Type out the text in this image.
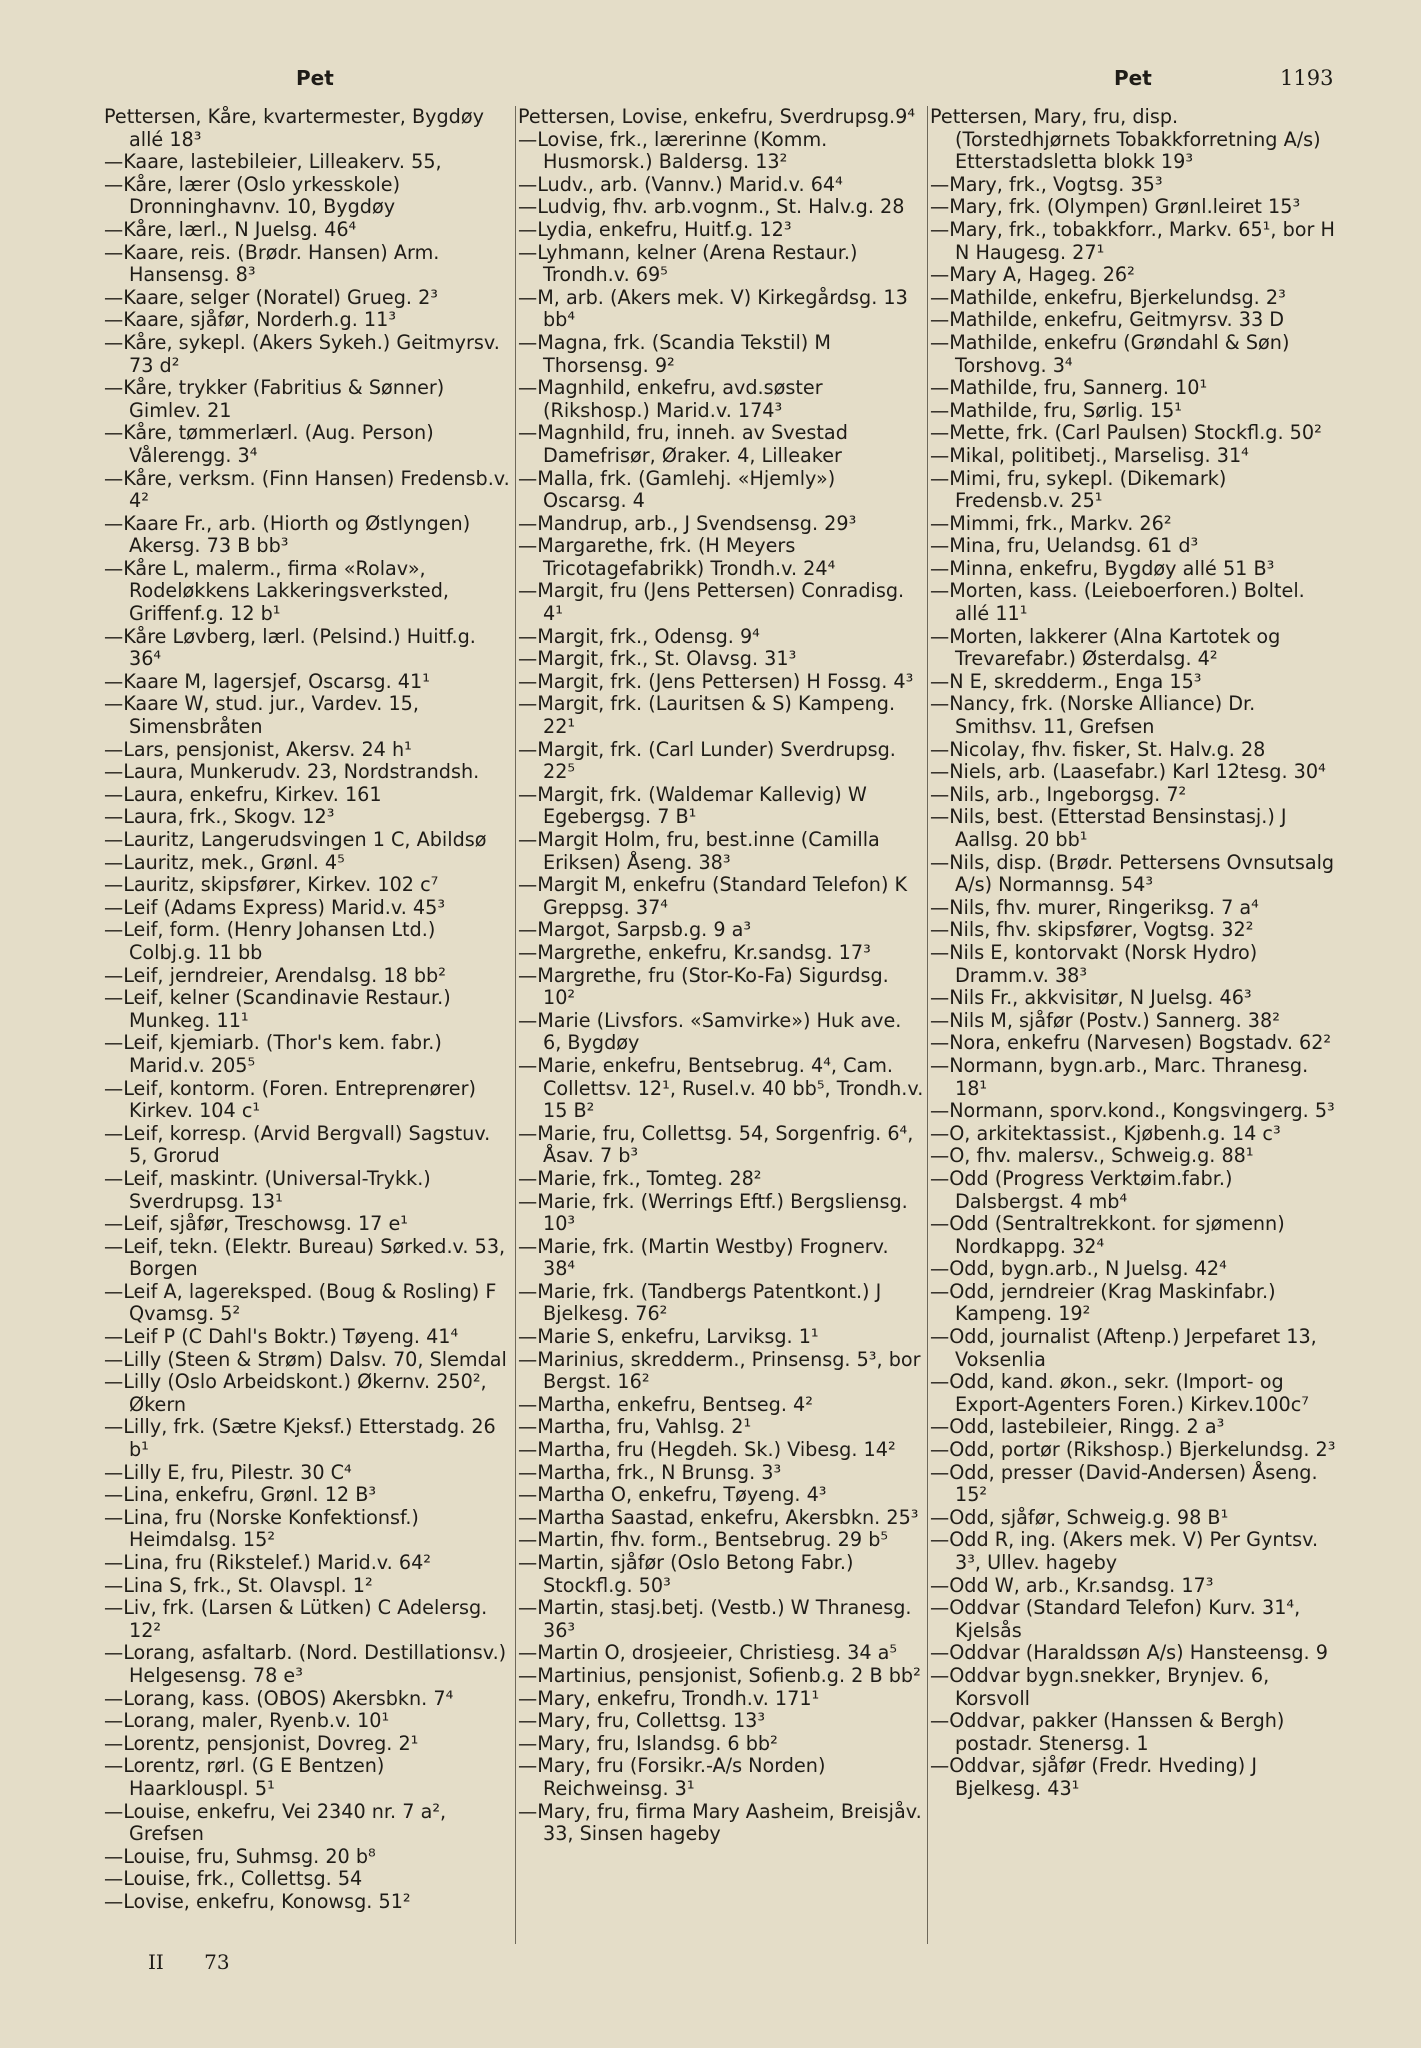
Pet	Pet	1193

Pettersen, Kåre, kvartermester, Bygdøy allé 18³

—Kaare, lastebileier, Lilleakerv. 55,

—Kåre, lærer (Oslo yrkesskole) Dronninghavnv. 10, Bygdøy

—Kåre, lærl., N Juelsg. 46⁴

—Kaare, reis. (Brødr. Hansen) Arm. Hansensg. 8³

—Kaare, selger (Noratel) Grueg. 2³

—Kaare, sjåfør, Norderh.g. 11³

—Kåre, sykepl. (Akers Sykeh.) Geitmyrsv. 73 d²

—Kåre, trykker (Fabritius & Sønner) Gimlev. 21

—Kåre, tømmerlærl. (Aug. Person) Vålerengg. 3⁴

—Kåre, verksm. (Finn Hansen) Fredensb.v. 4²

—Kaare Fr., arb. (Hiorth og Østlyngen) Akersg. 73 B bb³

—Kåre L, malerm., firma «Rolav», Rodeløkkens Lakkeringsverksted, Griffenf.g. 12 b¹

—Kåre Løvberg, lærl. (Pelsind.) Huitf.g. 36⁴

—Kaare M, lagersjef, Oscarsg. 41¹

—Kaare W, stud. jur., Vardev. 15, Simensbråten

—Lars, pensjonist, Akersv. 24 h¹

—Laura, Munkerudv. 23, Nordstrandsh.

—Laura, enkefru, Kirkev. 161

—Laura, frk., Skogv. 12³

—Lauritz, Langerudsvingen 1 C, Abildsø

—Lauritz, mek., Grønl. 4⁵

—Lauritz, skipsfører, Kirkev. 102 c⁷

—Leif (Adams Express) Marid.v. 45³

—Leif, form. (Henry Johansen Ltd.) Colbj.g. 11 bb

—Leif, jerndreier, Arendalsg. 18 bb²

—Leif, kelner (Scandinavie Restaur.) Munkeg. 11¹

—Leif, kjemiarb. (Thor's kem. fabr.) Marid.v. 205⁵

—Leif, kontorm. (Foren. Entreprenører) Kirkev. 104 c¹

—Leif, korresp. (Arvid Bergvall) Sagstuv. 5, Grorud

—Leif, maskintr. (Universal-Trykk.) Sverdrupsg. 13¹

—Leif, sjåfør, Treschowsg. 17 e¹

—Leif, tekn. (Elektr. Bureau) Sørked.v. 53, Borgen

—Leif A, lagereksped. (Boug & Rosling) F Qvamsg. 5²

—Leif P (C Dahl's Boktr.) Tøyeng. 41⁴

—Lilly (Steen & Strøm) Dalsv. 70, Slemdal

—Lilly (Oslo Arbeidskont.) Økernv. 250², Økern

—Lilly, frk. (Sætre Kjeksf.) Etterstadg. 26 b¹

—Lilly E, fru, Pilestr. 30 C⁴

—Lina, enkefru, Grønl. 12 B³

—Lina, fru (Norske Konfektionsf.) Heimdalsg. 15²

—Lina, fru (Rikstelef.) Marid.v. 64²

—Lina S, frk., St. Olavspl. 1²

—Liv, frk. (Larsen & Lütken) C Adelersg. 12²

—Lorang, asfaltarb. (Nord. Destillationsv.) Helgesensg. 78 e³

—Lorang, kass. (OBOS) Akersbkn. 7⁴

—Lorang, maler, Ryenb.v. 10¹

—Lorentz, pensjonist, Dovreg. 2¹

—Lorentz, rørl. (G E Bentzen) Haarklouspl. 5¹

—Louise, enkefru, Vei 2340 nr. 7 a², Grefsen

—Louise, fru, Suhmsg. 20 b⁸

—Louise, frk., Collettsg. 54

—Lovise, enkefru, Konowsg. 51²

Pettersen, Lovise, enkefru, Sverdrupsg.9⁴

—Lovise, frk., lærerinne (Komm. Husmorsk.) Baldersg. 13²

—Ludv., arb. (Vannv.) Marid.v. 64⁴

—Ludvig, fhv. arb.vognm., St. Halv.g. 28

—Lydia, enkefru, Huitf.g. 12³

—Lyhmann, kelner (Arena Restaur.) Trondh.v. 69⁵

—M, arb. (Akers mek. V) Kirkegårdsg. 13 bb⁴

—Magna, frk. (Scandia Tekstil) M Thorsensg. 9²

—Magnhild, enkefru, avd.søster (Rikshosp.) Marid.v. 174³

—Magnhild, fru, inneh. av Svestad Damefrisør, Øraker. 4, Lilleaker

—Malla, frk. (Gamlehj. «Hjemly») Oscarsg. 4

—Mandrup, arb., J Svendsensg. 29³

—Margarethe, frk. (H Meyers Tricotagefabrikk) Trondh.v. 24⁴

—Margit, fru (Jens Pettersen) Conradisg. 4¹

—Margit, frk., Odensg. 9⁴

—Margit, frk., St. Olavsg. 31³

—Margit, frk. (Jens Pettersen) H Fossg. 4³

—Margit, frk. (Lauritsen & S) Kampeng. 22¹

—Margit, frk. (Carl Lunder) Sverdrupsg. 22⁵

—Margit, frk. (Waldemar Kallevig) W Egebergsg. 7 B¹

—Margit Holm, fru, best.inne (Camilla Eriksen) Åseng. 38³

—Margit M, enkefru (Standard Telefon) K Greppsg. 37⁴

—Margot, Sarpsb.g. 9 a³

—Margrethe, enkefru, Kr.sandsg. 17³

—Margrethe, fru (Stor-Ko-Fa) Sigurdsg. 10²

—Marie (Livsfors. «Samvirke») Huk ave. 6, Bygdøy

—Marie, enkefru, Bentsebrug. 4⁴, Cam. Collettsv. 12¹, Rusel.v. 40 bb⁵, Trondh.v. 15 B²

—Marie, fru, Collettsg. 54, Sorgenfrig. 6⁴, Åsav. 7 b³

—Marie, frk., Tomteg. 28²

—Marie, frk. (Werrings Eftf.) Bergsliensg. 10³

—Marie, frk. (Martin Westby) Frognerv. 38⁴

—Marie, frk. (Tandbergs Patentkont.) J Bjelkesg. 76²

—Marie S, enkefru, Larviksg. 1¹

—Marinius, skredderm., Prinsensg. 5³, bor Bergst. 16²

—Martha, enkefru, Bentseg. 4²

—Martha, fru, Vahlsg. 2¹

—Martha, fru (Hegdeh. Sk.) Vibesg. 14²

—Martha, frk., N Brunsg. 3³

—Martha O, enkefru, Tøyeng. 4³

—Martha Saastad, enkefru, Akersbkn. 25³

—Martin, fhv. form., Bentsebrug. 29 b⁵

—Martin, sjåfør (Oslo Betong Fabr.) Stockfl.g. 50³

—Martin, stasj.betj. (Vestb.) W Thranesg. 36³

—Martin O, drosjeeier, Christiesg. 34 a⁵

—Martinius, pensjonist, Sofienb.g. 2 B bb²

—Mary, enkefru, Trondh.v. 171¹

—Mary, fru, Collettsg. 13³

—Mary, fru, Islandsg. 6 bb²

—Mary, fru (Forsikr.-A/s Norden) Reichweinsg. 3¹

—Mary, fru, firma Mary Aasheim, Breisjåv. 33, Sinsen hageby

Pettersen, Mary, fru, disp. (Torstedhjørnets Tobakkforretning A/s) Etterstadsletta blokk 19³

—Mary, frk., Vogtsg. 35³

—Mary, frk. (Olympen) Grønl.leiret 15³

—Mary, frk., tobakkforr., Markv. 65¹, bor H N Haugesg. 27¹

—Mary A, Hageg. 26²

—Mathilde, enkefru, Bjerkelundsg. 2³

—Mathilde, enkefru, Geitmyrsv. 33 D

—Mathilde, enkefru (Grøndahl & Søn) Torshovg. 3⁴

—Mathilde, fru, Sannerg. 10¹

—Mathilde, fru, Sørlig. 15¹

—Mette, frk. (Carl Paulsen) Stockfl.g. 50²

—Mikal, politibetj., Marselisg. 31⁴

—Mimi, fru, sykepl. (Dikemark) Fredensb.v. 25¹

—Mimmi, frk., Markv. 26²

—Mina, fru, Uelandsg. 61 d³

—Minna, enkefru, Bygdøy allé 51 B³

—Morten, kass. (Leieboerforen.) Boltel. allé 11¹

—Morten, lakkerer (Alna Kartotek og Trevarefabr.) Østerdalsg. 4²

—N E, skredderm., Enga 15³

—Nancy, frk. (Norske Alliance) Dr. Smithsv. 11, Grefsen

—Nicolay, fhv. fisker, St. Halv.g. 28

—Niels, arb. (Laasefabr.) Karl 12tesg. 30⁴

—Nils, arb., Ingeborgsg. 7²

—Nils, best. (Etterstad Bensinstasj.) J Aallsg. 20 bb¹

—Nils, disp. (Brødr. Pettersens Ovnsutsalg A/s) Normannsg. 54³

—Nils, fhv. murer, Ringeriksg. 7 a⁴

—Nils, fhv. skipsfører, Vogtsg. 32²

—Nils E, kontorvakt (Norsk Hydro) Dramm.v. 38³

—Nils Fr., akkvisitør, N Juelsg. 46³

—Nils M, sjåfør (Postv.) Sannerg. 38²

—Nora, enkefru (Narvesen) Bogstadv. 62²

—Normann, bygn.arb., Marc. Thranesg. 18¹

—Normann, sporv.kond., Kongsvingerg. 5³

—O, arkitektassist., Kjøbenh.g. 14 c³

—O, fhv. malersv., Schweig.g. 88¹

—Odd (Progress Verktøim.fabr.) Dalsbergst. 4 mb⁴

—Odd (Sentraltrekkont. for sjømenn) Nordkappg. 32⁴

—Odd, bygn.arb., N Juelsg. 42⁴

—Odd, jerndreier (Krag Maskinfabr.) Kampeng. 19²

—Odd, journalist (Aftenp.) Jerpefaret 13, Voksenlia

—Odd, kand. økon., sekr. (Import- og Export-Agenters Foren.) Kirkev.100c⁷

—Odd, lastebileier, Ringg. 2 a³

—Odd, portør (Rikshosp.) Bjerkelundsg. 2³

—Odd, presser (David-Andersen) Åseng. 15²

—Odd, sjåfør, Schweig.g. 98 B¹

—Odd R, ing. (Akers mek. V) Per Gyntsv. 3³, Ullev. hageby

—Odd W, arb., Kr.sandsg. 17³

—Oddvar (Standard Telefon) Kurv. 31⁴, Kjelsås

—Oddvar (Haraldssøn A/s) Hansteensg. 9

—Oddvar bygn.snekker, Brynjev. 6, Korsvoll

—Oddvar, pakker (Hanssen & Bergh) postadr. Stenersg. 1

—Oddvar, sjåfør (Fredr. Hveding) J Bjelkesg. 43¹

II 73
